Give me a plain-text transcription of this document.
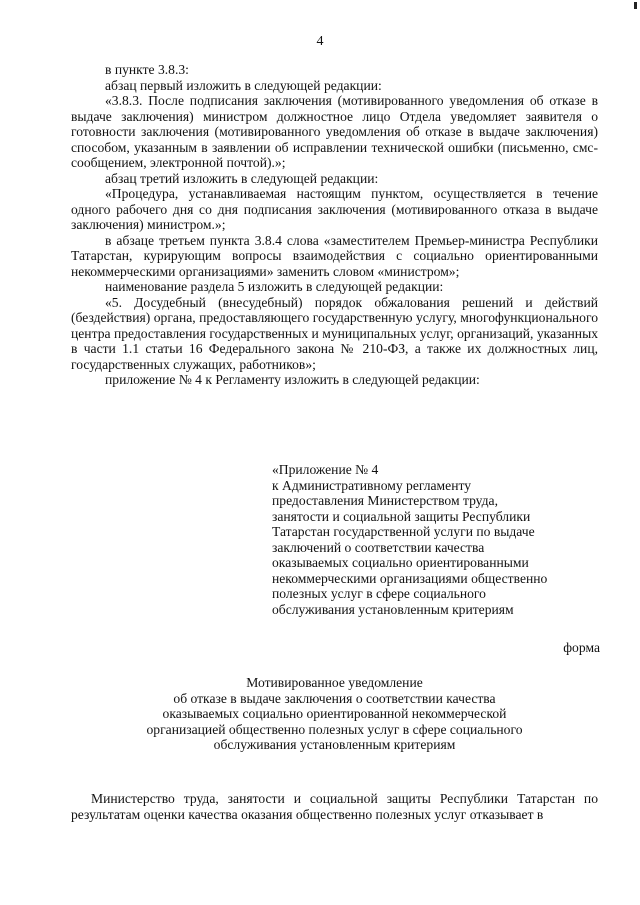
4

в пункте 3.8.3:

абзац первый изложить в следующей редакции:

«3.8.3. После подписания заключения (мотивированного уведомления об отказе в выдаче заключения) министром должностное лицо Отдела уведомляет заявителя о готовности заключения (мотивированного уведомления об отказе в выдаче заключения) способом, указанным в заявлении об исправлении технической ошибки (письменно, смс-сообщением, электронной почтой).»;

абзац третий изложить в следующей редакции:

«Процедура, устанавливаемая настоящим пунктом, осуществляется в течение одного рабочего дня со дня подписания заключения (мотивированного отказа в выдаче заключения) министром.»;

в абзаце третьем пункта 3.8.4 слова «заместителем Премьер-министра Республики Татарстан, курирующим вопросы взаимодействия с социально ориентированными некоммерческими организациями» заменить словом «министром»;

наименование раздела 5 изложить в следующей редакции:

«5. Досудебный (внесудебный) порядок обжалования решений и действий (бездействия) органа, предоставляющего государственную услугу, многофункционального центра предоставления государственных и муниципальных услуг, организаций, указанных в части 1.1 статьи 16 Федерального закона № 210-ФЗ, а также их должностных лиц, государственных служащих, работников»;

приложение № 4 к Регламенту изложить в следующей редакции:

«Приложение № 4
к Административному регламенту
предоставления Министерством труда,
занятости и социальной защиты Республики
Татарстан государственной услуги по выдаче
заключений о соответствии качества
оказываемых социально ориентированными
некоммерческими организациями общественно
полезных услуг в сфере социального
обслуживания установленным критериям
форма
Мотивированное уведомление
об отказе в выдаче заключения о соответствии качества
оказываемых социально ориентированной некоммерческой
организацией общественно полезных услуг в сфере социального
обслуживания установленным критериям

Министерство труда, занятости и социальной защиты Республики Татарстан по результатам оценки качества оказания общественно полезных услуг отказывает в
